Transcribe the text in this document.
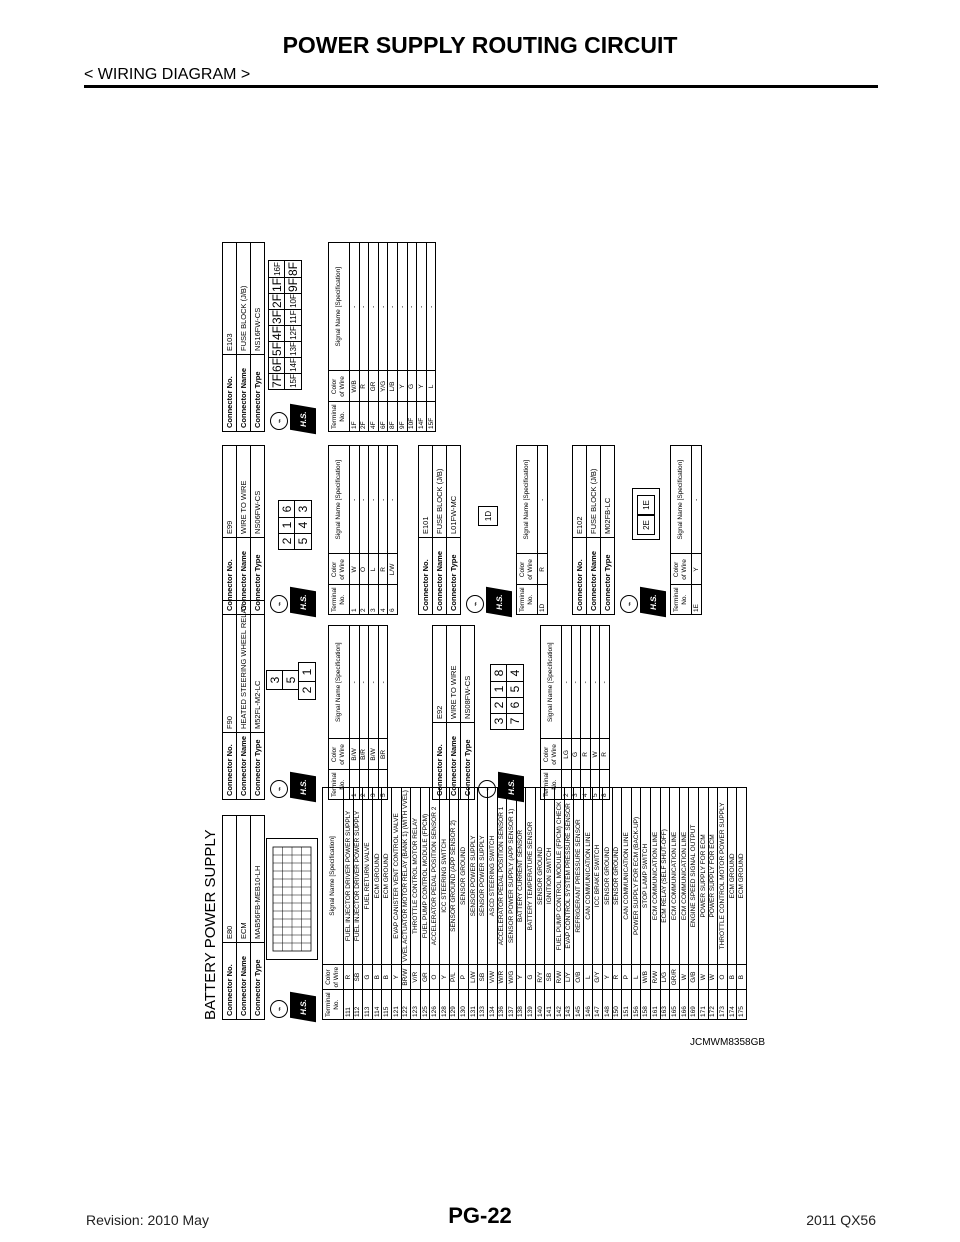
POWER SUPPLY ROUTING CIRCUIT
< WIRING DIAGRAM >
JCMWM8358GB
BATTERY POWER SUPPLY Connector No.	E80
Connector Name	ECM
Connector Type	MAB56FB-MEB10-LH
⌁	H.S.	Terminal
No.	Color
of Wire	Signal Name [Specification]
111	R	FUEL INJECTOR DRIVER POWER SUPPLY
112	SB	FUEL INJECTOR DRIVER POWER SUPPLY
113	G	FUEL RETURN VALVE
114	B	ECM GROUND
115	B	ECM GROUND
121	Y	EVAP CANISTER VENT CONTROL VALVE
122	BR/W	VVEL ACTUATOR MOTOR RELAY (BANK 1) (WITH VVEL)
123	V/R	THROTTLE CONTROL MOTOR RELAY
125	GR	FUEL PUMP CONTROL MODULE (FPCM)
126	O	ACCELERATOR PEDAL POSITION SENSOR 2
128	Y	ICC STEERING SWITCH
129	P/L	SENSOR GROUND (APP SENSOR 2)
130	P	SENSOR GROUND
131	L/W	SENSOR POWER SUPPLY
133	SB	SENSOR POWER SUPPLY
134	V/W	ASCD STEERING SWITCH
136	W/R	ACCELERATOR PEDAL POSITION SENSOR 1
137	W/G	SENSOR POWER SUPPLY (APP SENSOR 1)
138	Y	BATTERY CURRENT SENSOR
139	G	BATTERY TEMPERATURE SENSOR
140	R/Y	SENSOR GROUND
141	SB	IGNITION SWITCH
142	R/W	FUEL PUMP CONTROL MODULE (FPCM) CHECK
143	L/Y	EVAP CONTROL SYSTEM PRESSURE SENSOR
145	O/B	REFRIGERANT PRESSURE SENSOR
146	L	CAN COMMUNICATION LINE
147	G/Y	ICC BRAKE SWITCH
148	Y	SENSOR GROUND
150	R	SENSOR GROUND
151	P	CAN COMMUNICATION LINE
156	L	POWER SUPPLY FOR ECM (BACK-UP)
158	W/B	STOP LAMP SWITCH
161	R/W	ECM COMMUNICATION LINE
163	L/G	ECM RELAY (SELF SHUT-OFF)
165	GR/R	ECM COMMUNICATION LINE
166	W	ECM COMMUNICATION LINE
169	G/B	ENGINE SPEED SIGNAL OUTPUT
171	W	POWER SUPPLY FOR ECM
172	W	POWER SUPPLY FOR ECM
173	O	THROTTLE CONTROL MOTOR POWER SUPPLY
174	B	ECM GROUND
175	B	ECM GROUND
Connector No.	F90
Connector Name	HEATED STEERING WHEEL RELAY
Connector Type	M52FL-M2-LC
⌁	H.S.
3 5
2
1
Terminal
No.	Color
of Wire	Signal Name [Specification]
1	B/W	-
2	B/R	-
3	B/W	-
5	BR	-
Connector No.	E92
Connector Name	WIRE TO WIRE
Connector Type	NS08FW-CS
⌁	H.S.
3
2
1
8
7
6
5
4
Terminal
No.	Color
of Wire	Signal Name [Specification]
2	LG	-
3	G	-
4	R	-
5	W	-
8	R	-
Connector No.	E99
Connector Name	WIRE TO WIRE
Connector Type	NS06FW-CS
⌁	H.S.
2
1
6
5
4
3
Terminal
No.	Color
of Wire	Signal Name [Specification]
1	W	-
2	O	-
3	L	-
4	R	-
6	L/W	-
Connector No.	E101
Connector Name	FUSE BLOCK (J/B)
Connector Type	L01FW-MC
⌁	H.S.
1D
Terminal
No.	Color
of Wire	Signal Name [Specification]
1D	R	-
Connector No.	E102
Connector Name	FUSE BLOCK (J/B)
Connector Type	M02FB-LC
⌁	H.S.
2E
1E
Terminal
No.	Color
of Wire	Signal Name [Specification]
1E	Y	-
Connector No.	E103
Connector Name	FUSE BLOCK (J/B)
Connector Type	NS16FW-CS
⌁	H.S.
7F
6F
5F
4F
3F
2F
1F
16F
15F
14F
13F
12F
11F
10F
9F
8F
Terminal
No.	Color
of Wire	Signal Name [Specification]
1F	W/B	-
2F	R	-
4F	GR	-
6F	Y/G	-
8F	L/B	-
9F	Y	-
10F	G	-
14F	Y	-
15F	L	-
Revision: 2010 May	PG-22	2011 QX56
